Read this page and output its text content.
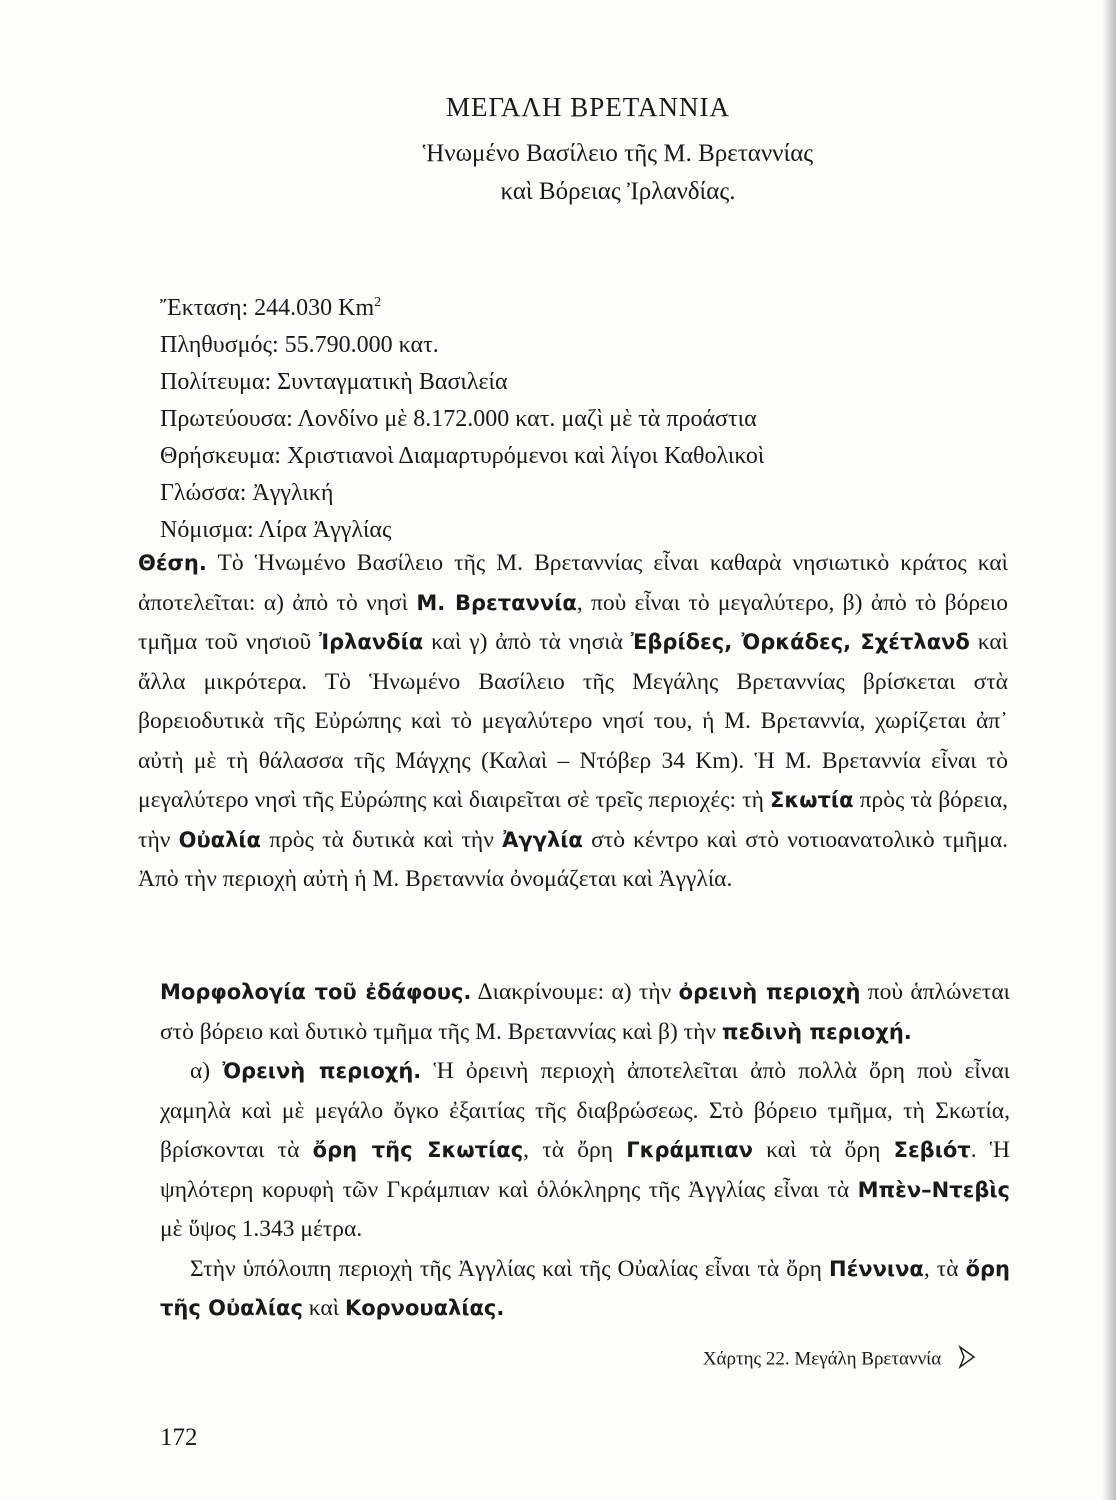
ΜΕΓΑΛΗ ΒΡΕΤΑΝΝΙΑ
Ἡνωμένο Βασίλειο τῆς Μ. Βρεταννίας
καὶ Βόρειας Ἰρλανδίας.
Ἔκταση: 244.030 Km$^2$
Πληθυσμός: 55.790.000 κατ.
Πολίτευμα: Συνταγματικὴ Βασιλεία
Πρωτεύουσα: Λονδίνο μὲ 8.172.000 κατ. μαζὶ μὲ τὰ προάστια
Θρήσκευμα: Χριστιανοὶ Διαμαρτυρόμενοι καὶ λίγοι Καθολικοὶ
Γλώσσα: Ἀγγλική
Νόμισμα: Λίρα Ἀγγλίας

Θέση. Τὸ Ἡνωμένο Βασίλειο τῆς Μ. Βρεταννίας εἶναι καθαρὰ νησιωτικὸ κράτος καὶ ἀποτελεῖται: α) ἀπὸ τὸ νησὶ Μ. Βρεταννία, ποὺ εἶναι τὸ μεγαλύτερο, β) ἀπὸ τὸ βόρειο τμῆμα τοῦ νησιοῦ Ἰρλανδία καὶ γ) ἀπὸ τὰ νησιὰ Ἐβρίδες, Ὀρκάδες, Σχέτλανδ καὶ ἄλλα μικρότερα. Τὸ Ἡνωμένο Βασίλειο τῆς Μεγάλης Βρεταννίας βρίσκεται στὰ βορειοδυτικὰ τῆς Εὐρώπης καὶ τὸ μεγαλύτερο νησί του, ἡ Μ. Βρεταννία, χωρίζεται ἀπ᾿ αὐτὴ μὲ τὴ θάλασσα τῆς Μάγχης (Καλαὶ – Ντόβερ 34 Km). Ἡ Μ. Βρεταννία εἶναι τὸ μεγαλύτερο νησὶ τῆς Εὐρώπης καὶ διαιρεῖται σὲ τρεῖς περιοχές: τὴ Σκωτία πρὸς τὰ βόρεια, τὴν Οὐαλία πρὸς τὰ δυτικὰ καὶ τὴν Ἀγγλία στὸ κέντρο καὶ στὸ νοτιοανατολικὸ τμῆμα. Ἀπὸ τὴν περιοχὴ αὐτὴ ἡ Μ. Βρεταννία ὀνομάζεται καὶ Ἀγγλία.

Μορφολογία τοῦ ἐδάφους. Διακρίνουμε: α) τὴν ὀρεινὴ περιοχὴ ποὺ ἁπλώνεται στὸ βόρειο καὶ δυτικὸ τμῆμα τῆς Μ. Βρεταννίας καὶ β) τὴν πεδινὴ περιοχή.

α) Ὀρεινὴ περιοχή. Ἡ ὀρεινὴ περιοχὴ ἀποτελεῖται ἀπὸ πολλὰ ὄρη ποὺ εἶναι χαμηλὰ καὶ μὲ μεγάλο ὄγκο ἐξαιτίας τῆς διαβρώσεως. Στὸ βόρειο τμῆμα, τὴ Σκωτία, βρίσκονται τὰ ὄρη τῆς Σκωτίας, τὰ ὄρη Γκράμπιαν καὶ τὰ ὄρη Σεβιότ. Ἡ ψηλότερη κορυφὴ τῶν Γκράμπιαν καὶ ὁλόκληρης τῆς Ἀγγλίας εἶναι τὰ Μπὲν–Ντεβὶς μὲ ὕψος 1.343 μέτρα.

Στὴν ὑπόλοιπη περιοχὴ τῆς Ἀγγλίας καὶ τῆς Οὐαλίας εἶναι τὰ ὄρη Πέννινα, τὰ ὄρη τῆς Οὐαλίας καὶ Κορνουαλίας.

Χάρτης 22. Μεγάλη Βρεταννία
172
